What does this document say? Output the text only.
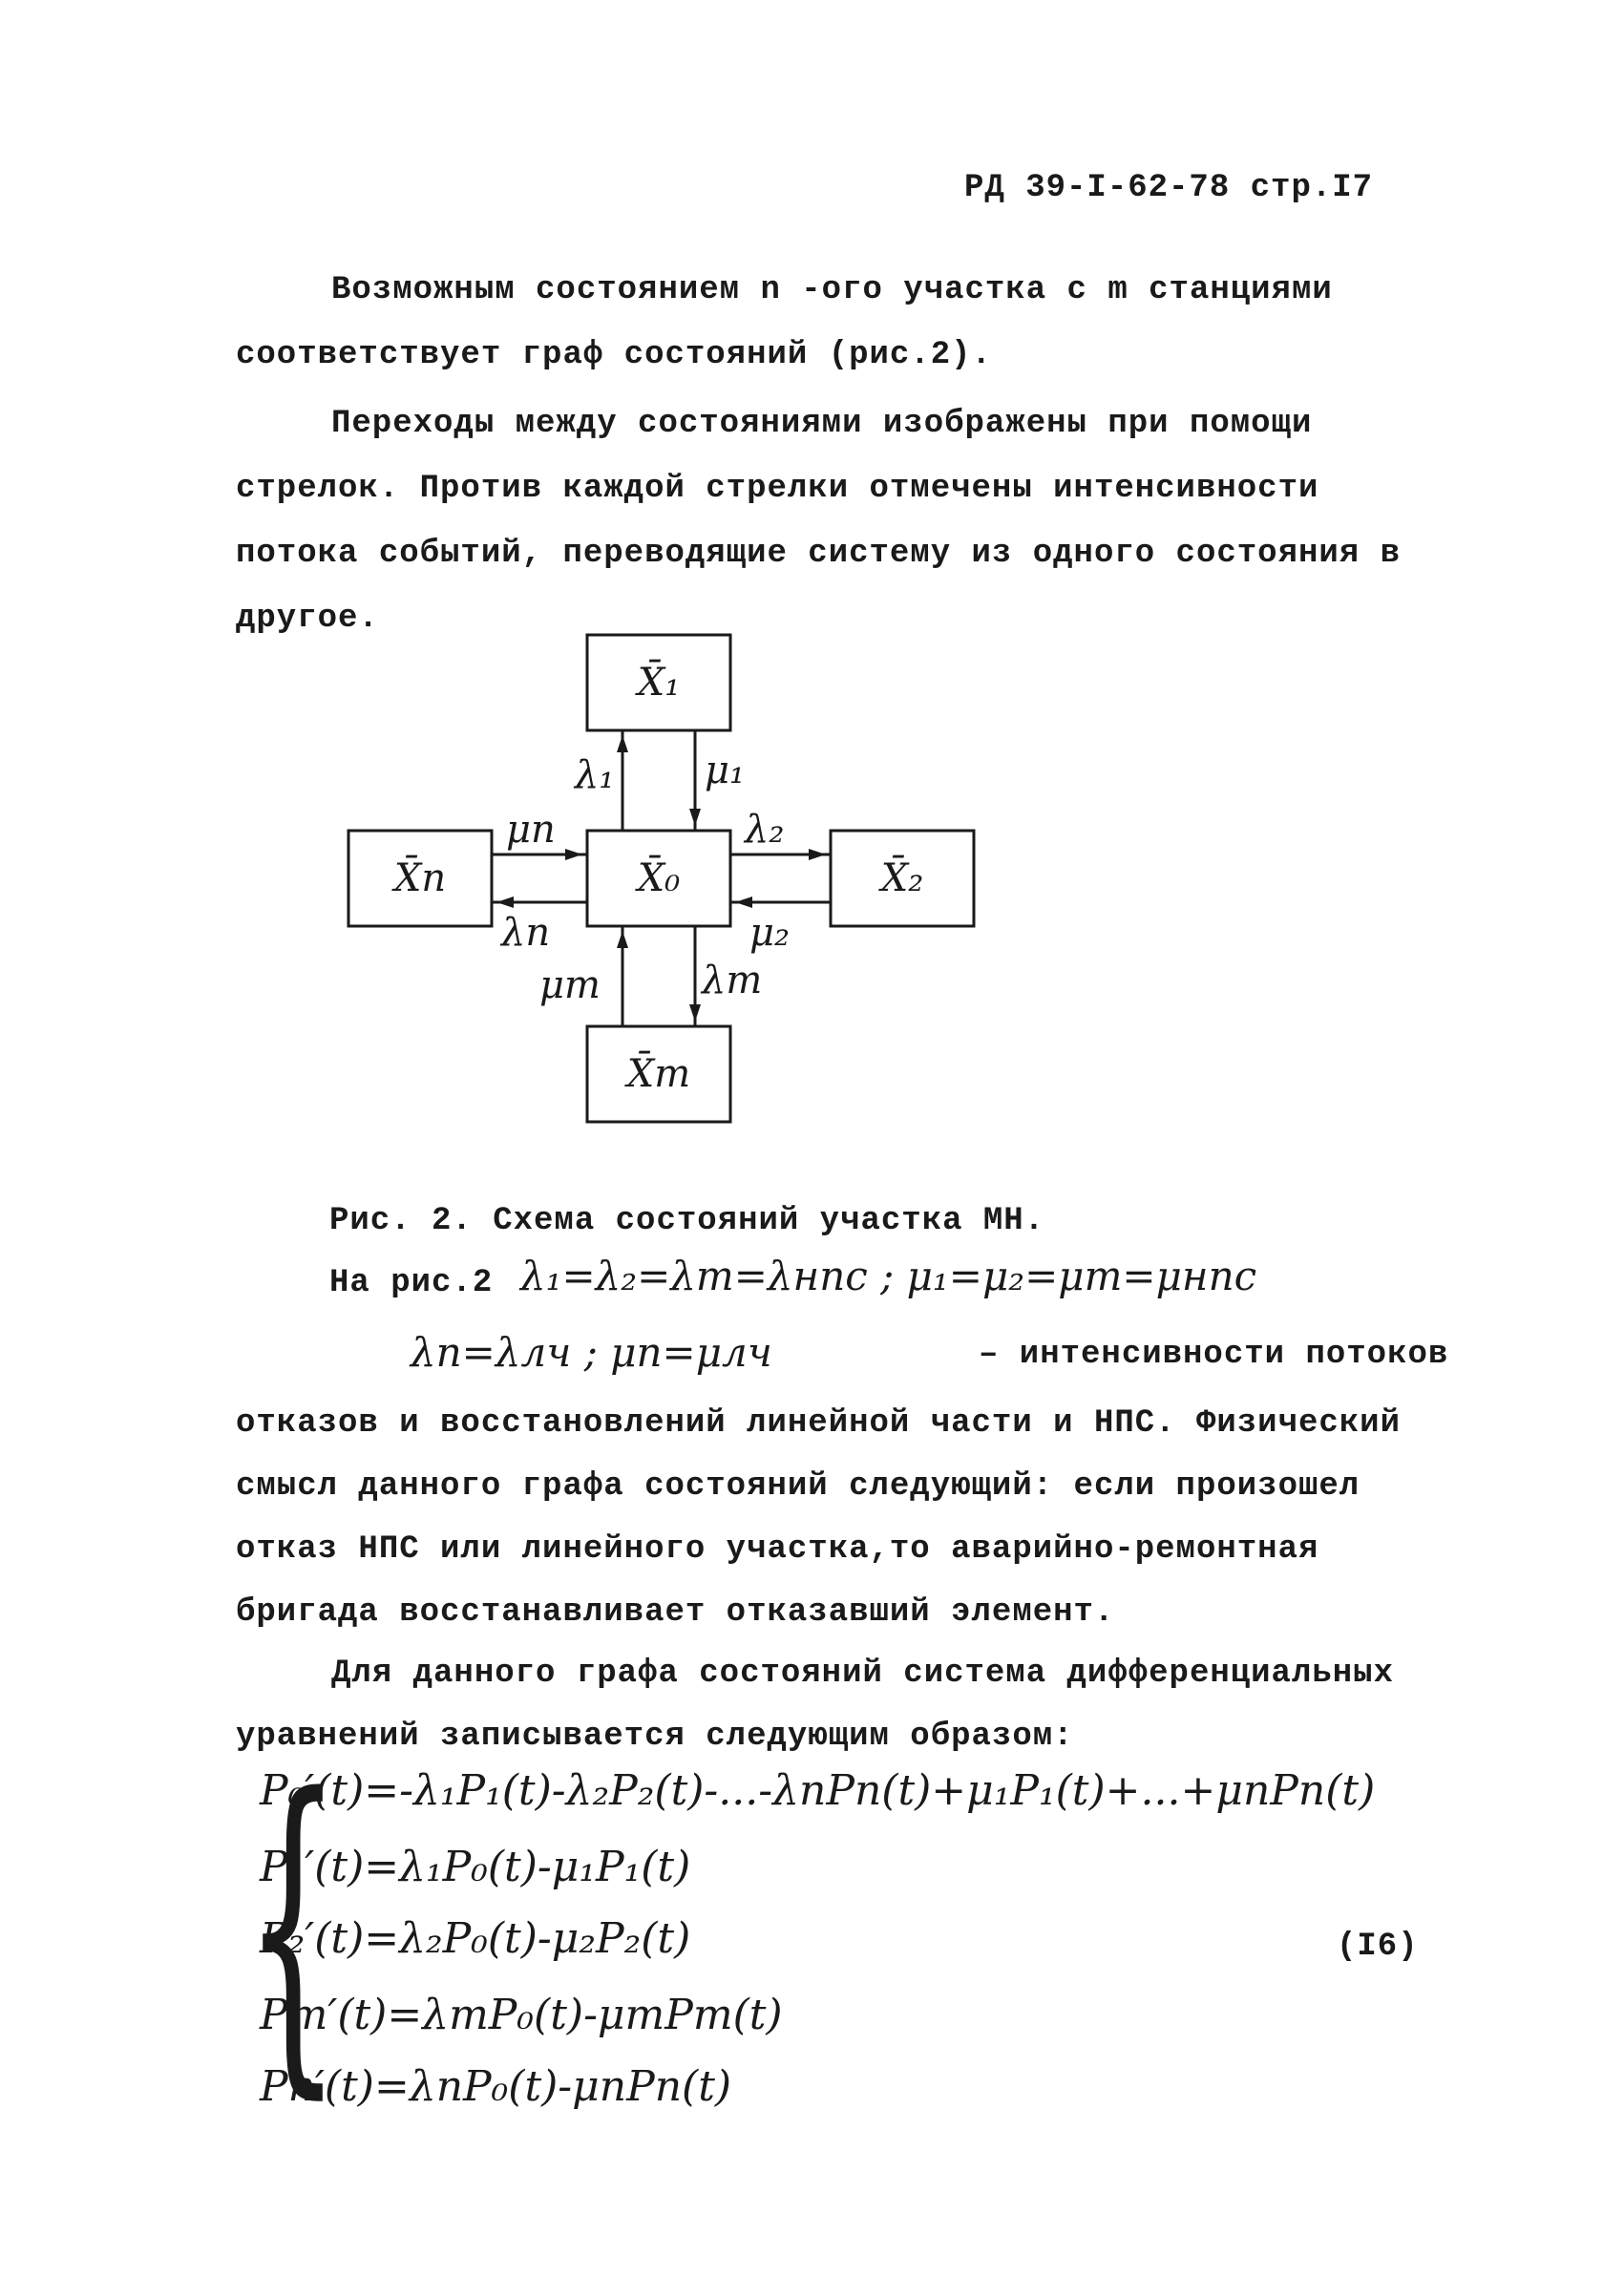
РД 39-I-62-78 стр.I7
Возможным состоянием n -ого участка с m станциями соответствует граф состояний (рис.2).
Переходы между состояниями изображены при помощи стрелок. Против каждой стрелки отмечены интенсивности потока событий, переводящие систему из одного состояния в другое.
X̄₁
X̄₀
X̄n	X̄₂
X̄m
λ₁ μ₁
μn
λn
λ₂
μ₂
μm	λm
Рис. 2. Схема состояний участка МН.
На рис.2 λ₁=λ₂=λm=λнпс ; μ₁=μ₂=μm=μнпс
λn=λлч ; μn=μлч	– интенсивности потоков
отказов и восстановлений линейной части и НПС. Физический смысл данного графа состояний следующий: если произошел отказ НПС или линейного участка,то аварийно-ремонтная бригада восстанавливает отказавший элемент.
Для данного графа состояний система дифференциальных уравнений записывается следующим образом:
{
P₀′(t)=-λ₁P₁(t)-λ₂P₂(t)-...-λnPn(t)+μ₁P₁(t)+...+μnPn(t)
P₁′(t)=λ₁P₀(t)-μ₁P₁(t)
P₂′(t)=λ₂P₀(t)-μ₂P₂(t)
Pm′(t)=λmP₀(t)-μmPm(t)
Pn′(t)=λnP₀(t)-μnPn(t)
(I6)
